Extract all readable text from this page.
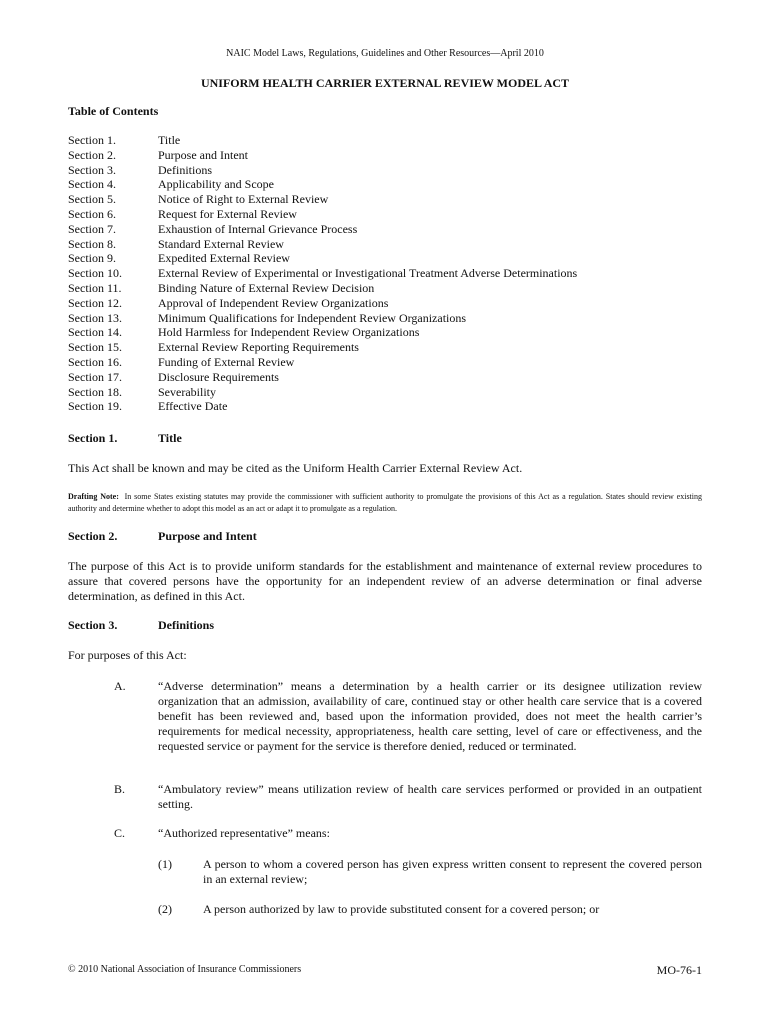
NAIC Model Laws, Regulations, Guidelines and Other Resources—April 2010
UNIFORM HEALTH CARRIER EXTERNAL REVIEW MODEL ACT
Table of Contents
Section 1.	Title
Section 2.	Purpose and Intent
Section 3.	Definitions
Section 4.	Applicability and Scope
Section 5.	Notice of Right to External Review
Section 6.	Request for External Review
Section 7.	Exhaustion of Internal Grievance Process
Section 8.	Standard External Review
Section 9.	Expedited External Review
Section 10.	External Review of Experimental or Investigational Treatment Adverse Determinations
Section 11.	Binding Nature of External Review Decision
Section 12.	Approval of Independent Review Organizations
Section 13.	Minimum Qualifications for Independent Review Organizations
Section 14.	Hold Harmless for Independent Review Organizations
Section 15.	External Review Reporting Requirements
Section 16.	Funding of External Review
Section 17.	Disclosure Requirements
Section 18.	Severability
Section 19.	Effective Date
Section 1.	Title
This Act shall be known and may be cited as the Uniform Health Carrier External Review Act.
Drafting Note: In some States existing statutes may provide the commissioner with sufficient authority to promulgate the provisions of this Act as a regulation. States should review existing authority and determine whether to adopt this model as an act or adapt it to promulgate as a regulation.
Section 2.	Purpose and Intent
The purpose of this Act is to provide uniform standards for the establishment and maintenance of external review procedures to assure that covered persons have the opportunity for an independent review of an adverse determination or final adverse determination, as defined in this Act.
Section 3.	Definitions
For purposes of this Act:
A.	“Adverse determination” means a determination by a health carrier or its designee utilization review organization that an admission, availability of care, continued stay or other health care service that is a covered benefit has been reviewed and, based upon the information provided, does not meet the health carrier’s requirements for medical necessity, appropriateness, health care setting, level of care or effectiveness, and the requested service or payment for the service is therefore denied, reduced or terminated.
B.	“Ambulatory review” means utilization review of health care services performed or provided in an outpatient setting.
C.	“Authorized representative” means:
(1)	A person to whom a covered person has given express written consent to represent the covered person in an external review;
(2)	A person authorized by law to provide substituted consent for a covered person; or
© 2010 National Association of Insurance Commissioners	MO-76-1
